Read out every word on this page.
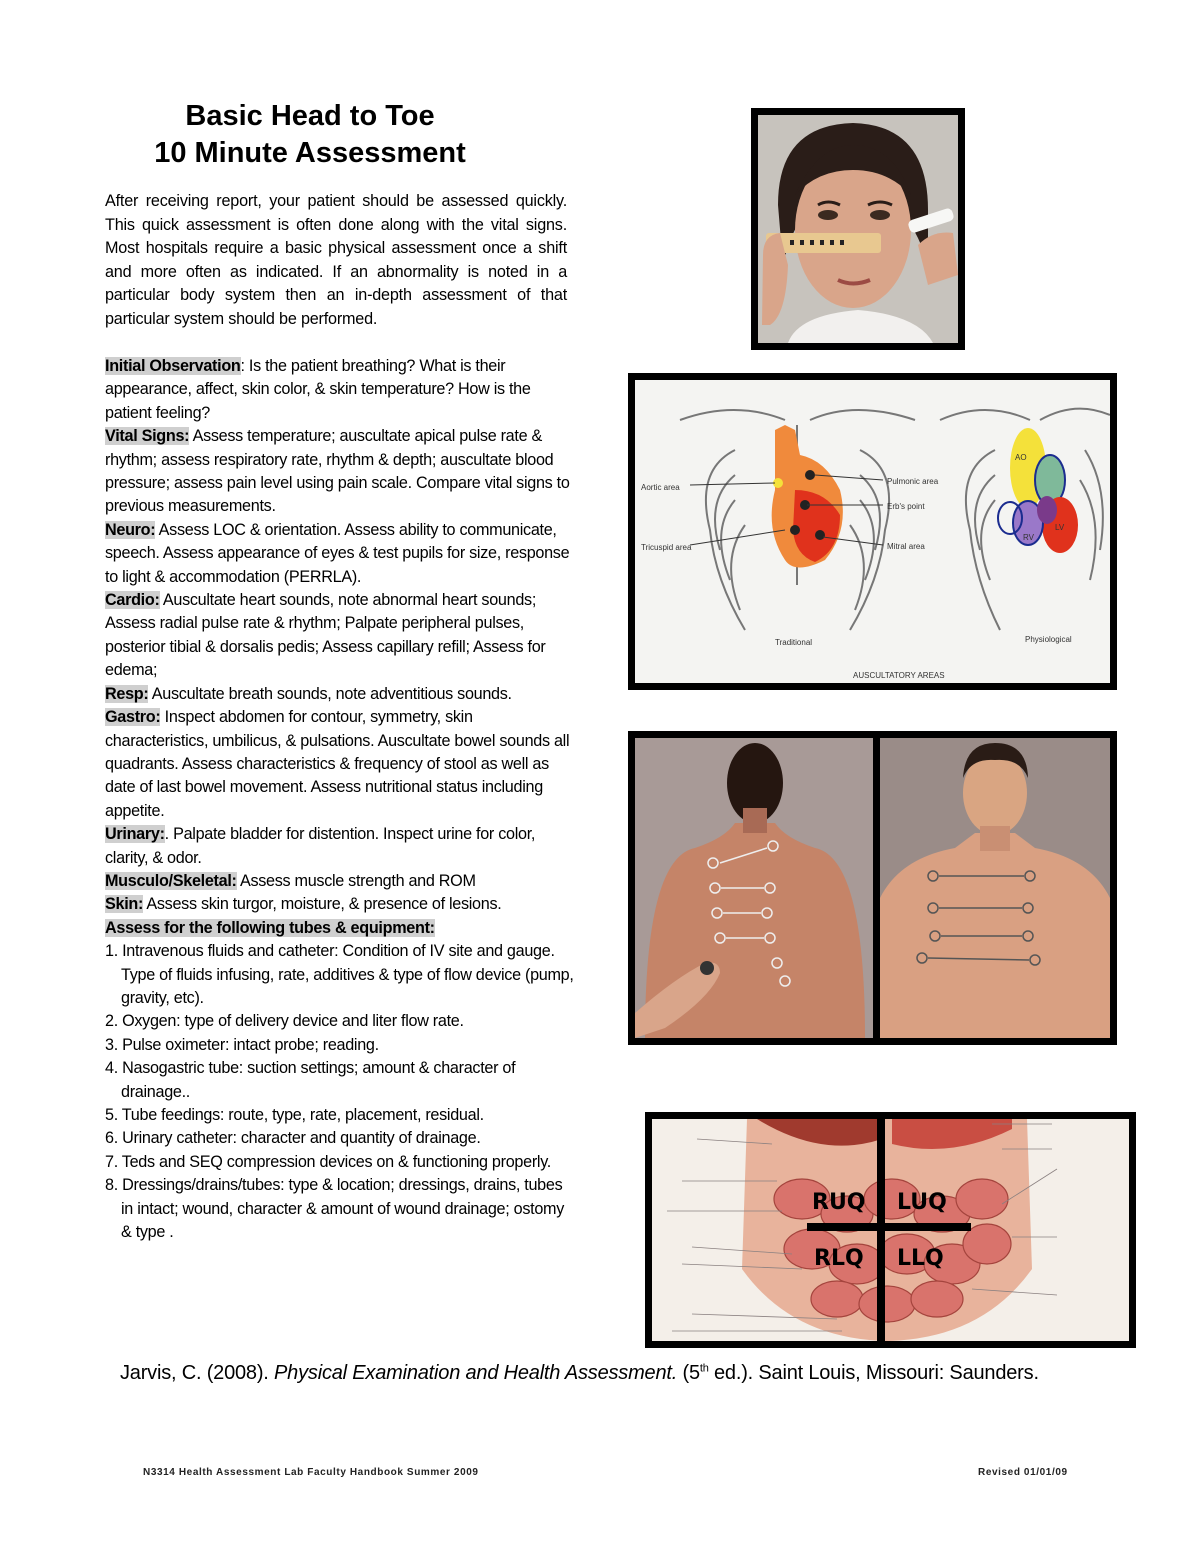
Basic Head to Toe
10 Minute Assessment
After receiving report, your patient should be assessed quickly. This quick assessment is often done along with the vital signs. Most hospitals require a basic physical assessment once a shift and more often as indicated. If an abnormality is noted in a particular body system then an in-depth assessment of that particular system should be performed.

Initial Observation: Is the patient breathing? What is their appearance, affect, skin color, & skin temperature? How is the patient feeling?

Vital Signs: Assess temperature; auscultate apical pulse rate & rhythm; assess respiratory rate, rhythm & depth; auscultate blood pressure; assess pain level using pain scale. Compare vital signs to previous measurements.

Neuro: Assess LOC & orientation. Assess ability to communicate, speech. Assess appearance of eyes & test pupils for size, response to light & accommodation (PERRLA).

Cardio: Auscultate heart sounds, note abnormal heart sounds; Assess radial pulse rate & rhythm; Palpate peripheral pulses, posterior tibial & dorsalis pedis; Assess capillary refill; Assess for edema;

Resp: Auscultate breath sounds, note adventitious sounds.

Gastro: Inspect abdomen for contour, symmetry, skin characteristics, umbilicus, & pulsations. Auscultate bowel sounds all quadrants. Assess characteristics & frequency of stool as well as date of last bowel movement. Assess nutritional status including appetite.

Urinary:. Palpate bladder for distention. Inspect urine for color, clarity, & odor.

Musculo/Skeletal: Assess muscle strength and ROM

Skin: Assess skin turgor, moisture, & presence of lesions.

Assess for the following tubes & equipment:

1. Intravenous fluids and catheter: Condition of IV site and gauge. Type of fluids infusing, rate, additives & type of flow device (pump, gravity, etc).
2. Oxygen: type of delivery device and liter flow rate.
3. Pulse oximeter: intact probe; reading.
4. Nasogastric tube: suction settings; amount & character of drainage..
5. Tube feedings: route, type, rate, placement, residual.
6. Urinary catheter: character and quantity of drainage.
7. Teds and SEQ compression devices on & functioning properly.
8. Dressings/drains/tubes: type & location; dressings, drains, tubes in intact; wound, character & amount of wound drainage; ostomy & type .
Aortic area
Tricuspid area
Pulmonic area
Erb's point
Mitral area
Traditional
AO
RV
LV
Physiological
AUSCULTATORY AREAS
RUQ LUQ
RLQ LLQ
Jarvis, C. (2008). Physical Examination and Health Assessment. (5th ed.). Saint Louis, Missouri: Saunders.
N3314 Health Assessment Lab Faculty Handbook Summer 2009	Revised 01/01/09
